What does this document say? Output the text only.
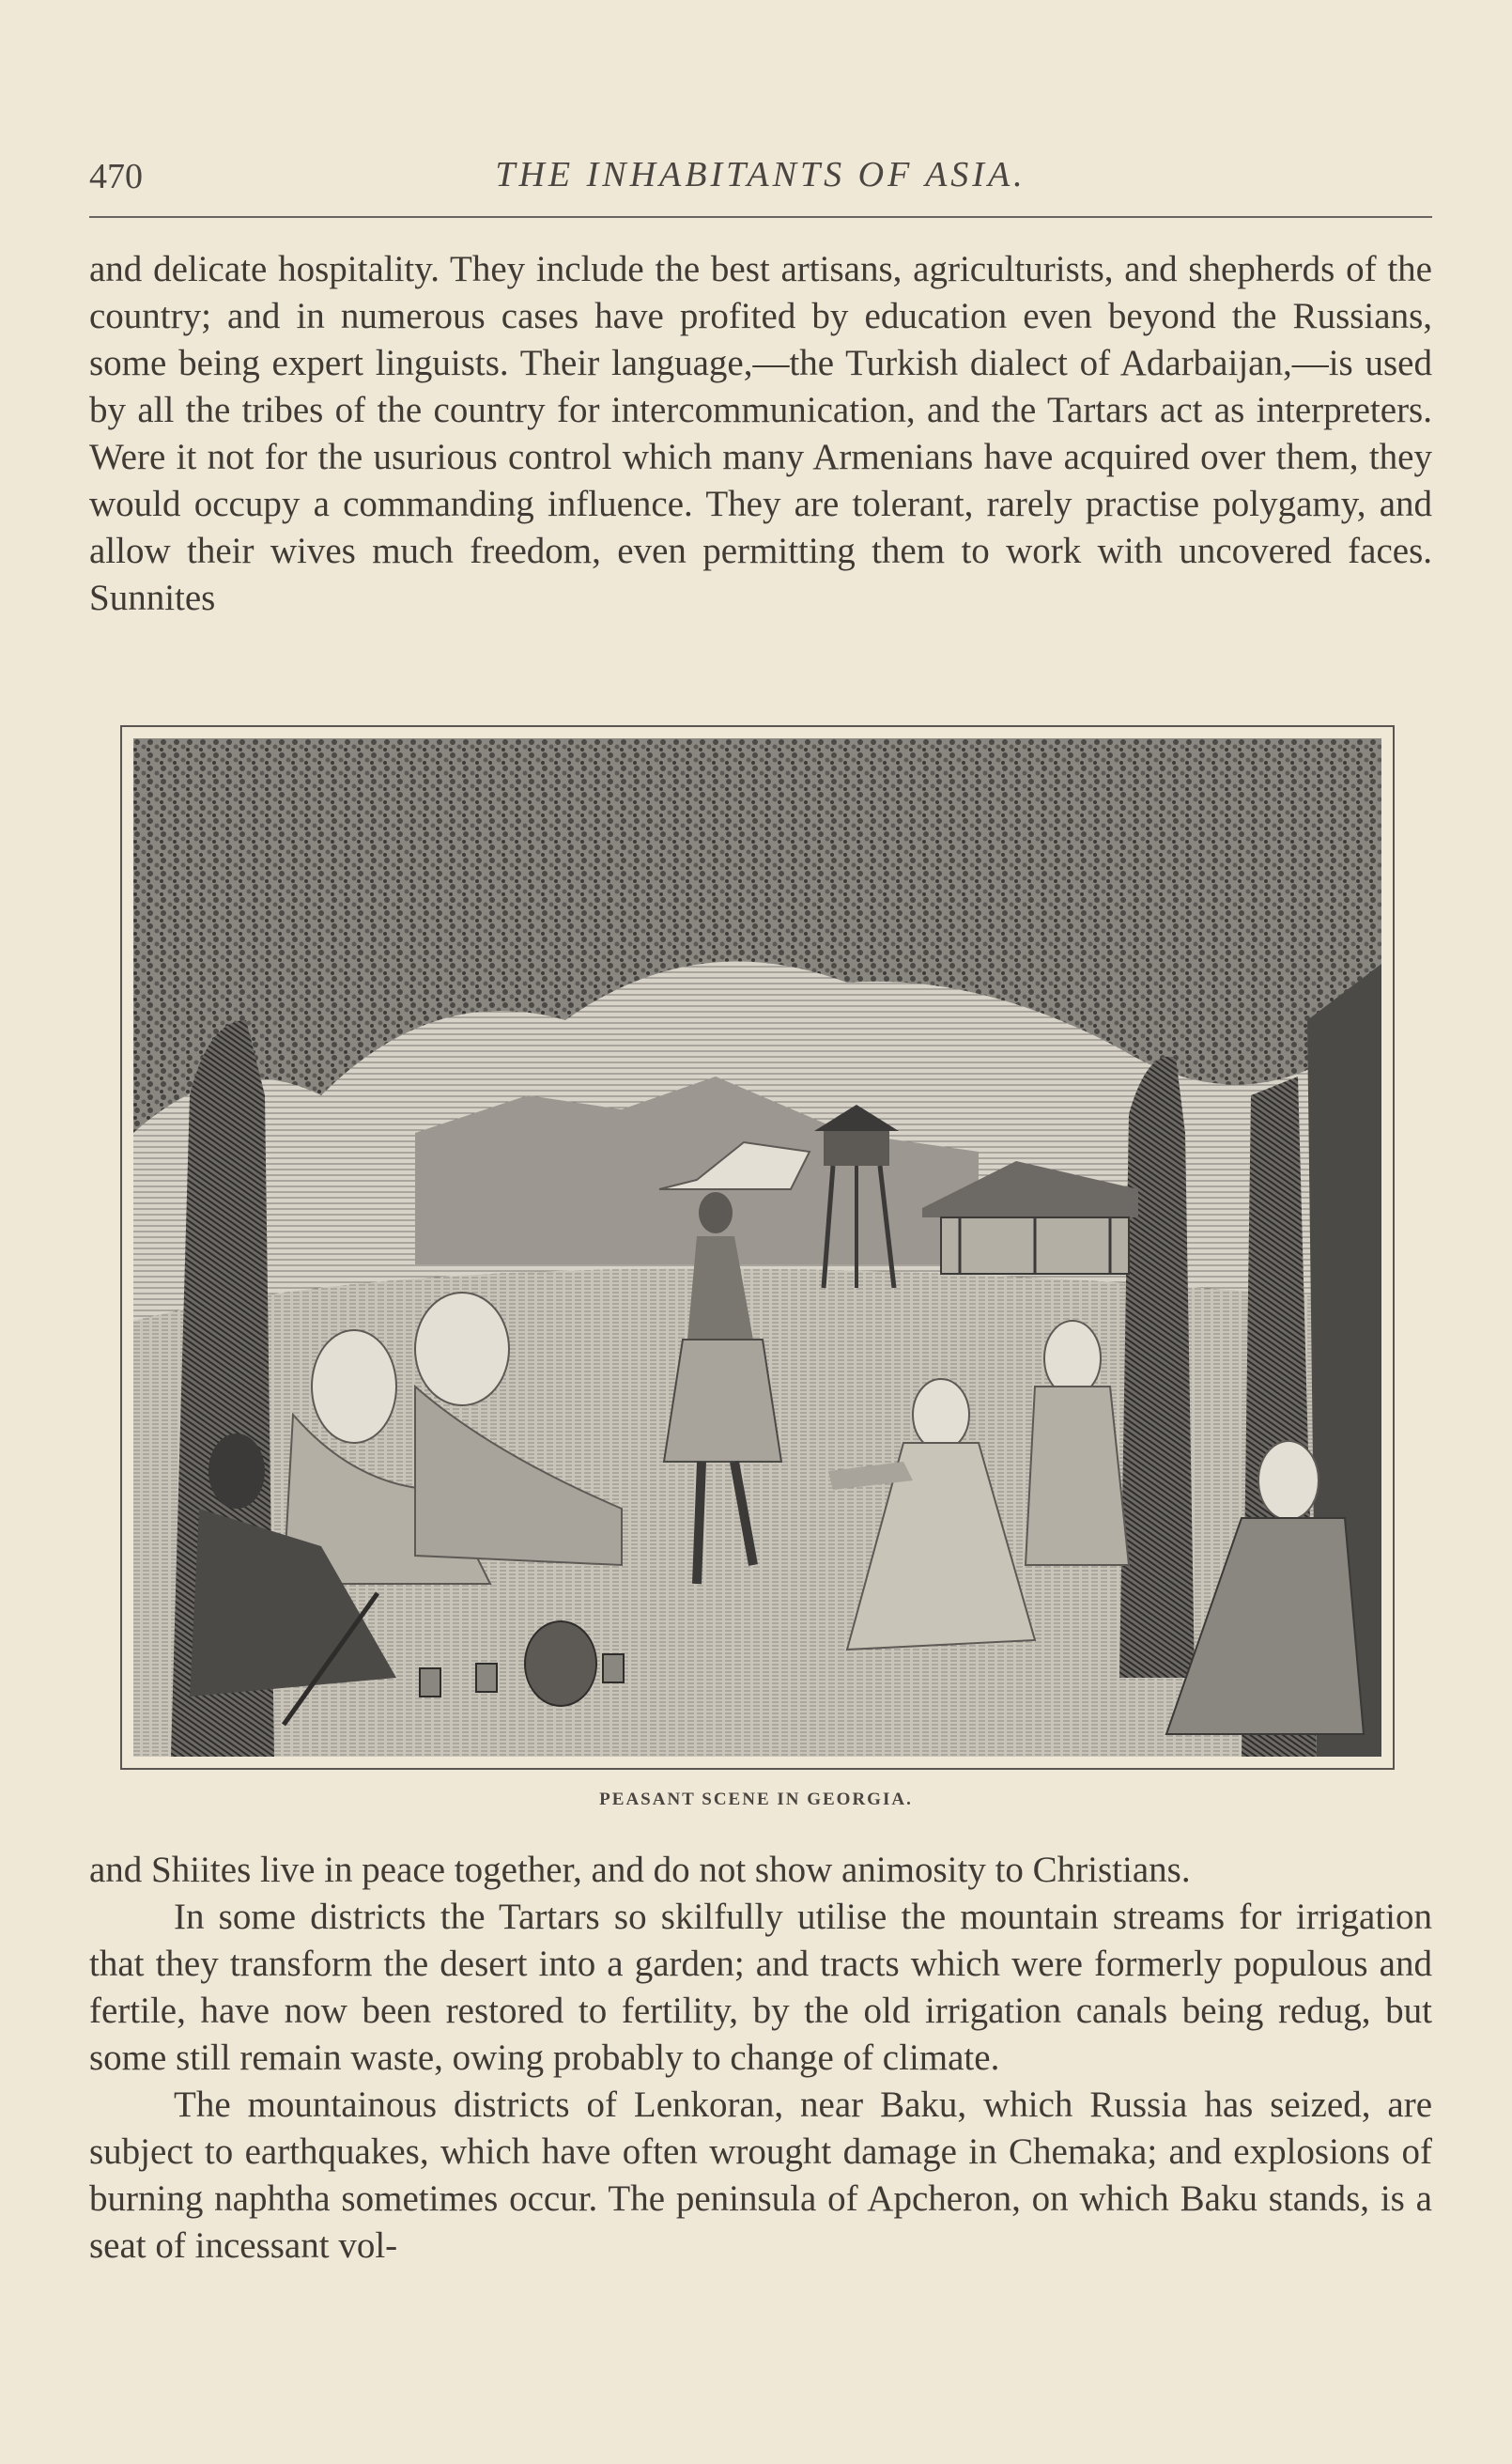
470	THE INHABITANTS OF ASIA.

and delicate hospitality. They include the best artisans, agriculturists, and shepherds of the country; and in numerous cases have profited by education even beyond the Russians, some being expert linguists. Their language,—the Turkish dialect of Adarbaijan,—is used by all the tribes of the country for intercommunication, and the Tartars act as interpreters. Were it not for the usurious control which many Armenians have acquired over them, they would occupy a commanding influence. They are tolerant, rarely practise polygamy, and allow their wives much freedom, even permitting them to work with uncovered faces. Sunnites

PEASANT SCENE IN GEORGIA.

and Shiites live in peace together, and do not show animosity to Christians.

In some districts the Tartars so skilfully utilise the mountain streams for irrigation that they transform the desert into a garden; and tracts which were formerly populous and fertile, have now been restored to fertility, by the old irrigation canals being redug, but some still remain waste, owing probably to change of climate.

The mountainous districts of Lenkoran, near Baku, which Russia has seized, are subject to earthquakes, which have often wrought damage in Chemaka; and explosions of burning naphtha sometimes occur. The peninsula of Apcheron, on which Baku stands, is a seat of incessant vol-
